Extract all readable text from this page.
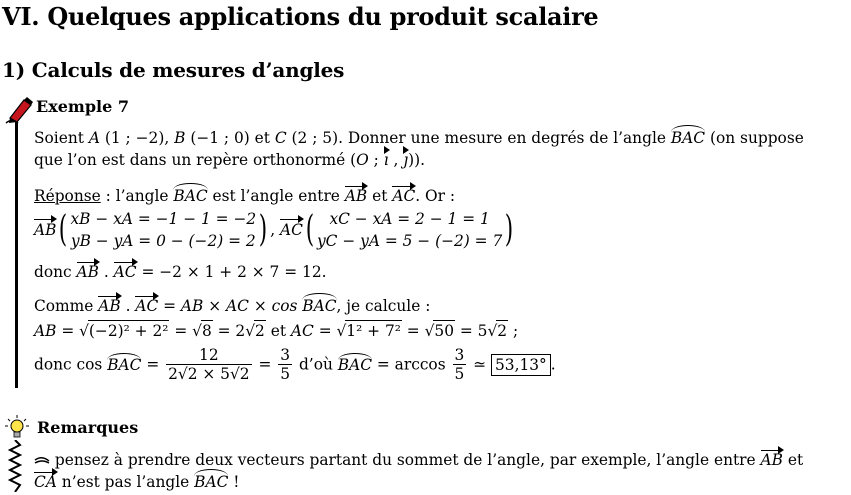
VI. Quelques applications du produit scalaire
1) Calculs de mesures d’angles
Exemple 7
Soient A (1 ; −2), B (−1 ; 0) et C (2 ; 5). Donner une mesure en degrés de l’angle BAC (on suppose
que l’on est dans un repère orthonormé (O ; ı , ȷ)).
Réponse : l’angle BAC est l’angle entre AB et AC. Or :
AB( xB − xA = −1 − 1 = −2
yB − yA = 0 − (−2) = 2 ) , AC( xC − xA = 2 − 1 = 1
yC − yA = 5 − (−2) = 7 )
donc AB . AC = −2 × 1 + 2 × 7 = 12.
Comme AB . AC = AB × AC × cos BAC, je calcule :
AB = √(−2)² + 2² = √8 = 2√2 et AC = √1² + 7² = √50 = 5√2 ;
donc cos BAC = $\frac{12}{2√2 \times 5√2} = \frac{3}{5}$ d’où BAC = $\arccos \frac{3}{5}$ ≃ 53,13° .
Remarques
pensez à prendre deux vecteurs partant du sommet de l’angle, par exemple, l’angle entre AB et
CA n’est pas l’angle BAC !
